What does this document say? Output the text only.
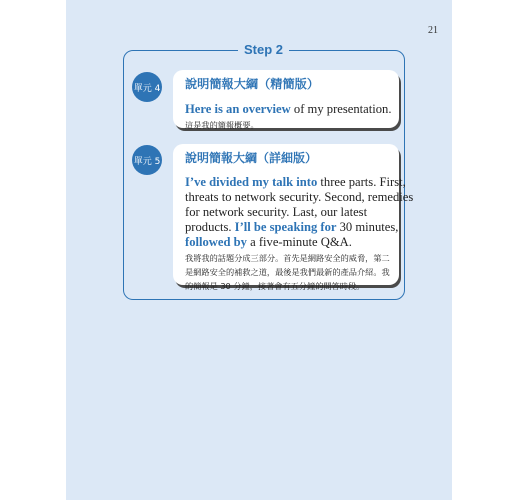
21
Step 2
單元 4 說明簡報大綱（精簡版）
Here is an overview of my presentation.
這是我的簡報概要。
單元 5 說明簡報大綱（詳細版）
I’ve divided my talk into three parts. First,
threats to network security. Second, remedies
for network security. Last, our latest
products. I’ll be speaking for 30 minutes,
followed by a five-minute Q&A.
我將我的話題分成三部分。首先是網路安全的威脅，第二
是網路安全的補救之道，最後是我們最新的產品介紹。我
的簡報是 30 分鐘，接著會有五分鐘的問答時段。
